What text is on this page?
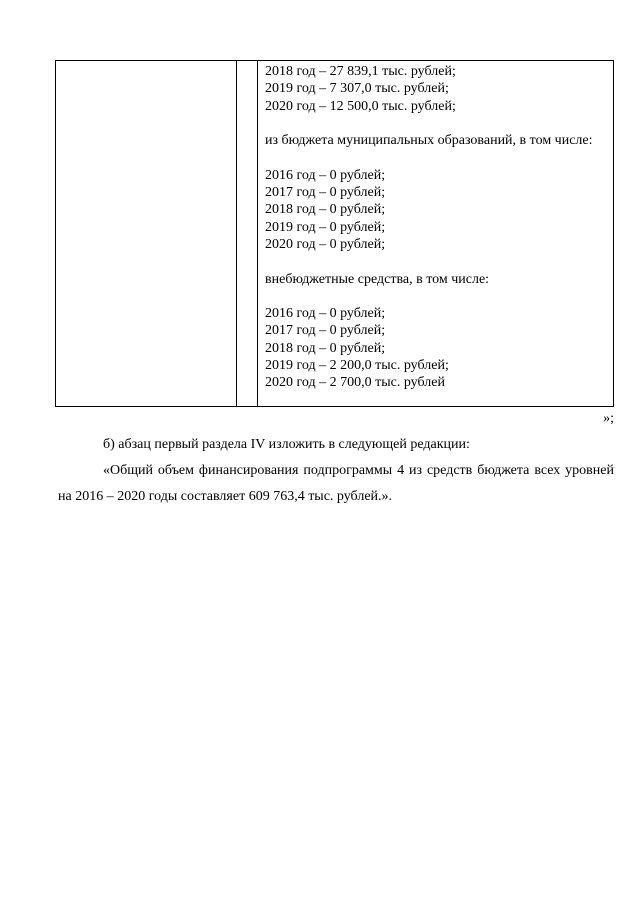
2018 год – 27 839,1 тыс. рублей;
2019 год – 7 307,0 тыс. рублей;
2020 год – 12 500,0 тыс. рублей;
из бюджета муниципальных образований, в том числе:
2016 год – 0 рублей;
2017 год – 0 рублей;
2018 год – 0 рублей;
2019 год – 0 рублей;
2020 год – 0 рублей;
внебюджетные средства, в том числе:
2016 год – 0 рублей;
2017 год – 0 рублей;
2018 год – 0 рублей;
2019 год – 2 200,0 тыс. рублей;
2020 год – 2 700,0 тыс. рублей
»;
б) абзац первый раздела IV изложить в следующей редакции:
«Общий объем финансирования подпрограммы 4 из средств бюджета всех уровней на 2016 – 2020 годы составляет 609 763,4 тыс. рублей.».
